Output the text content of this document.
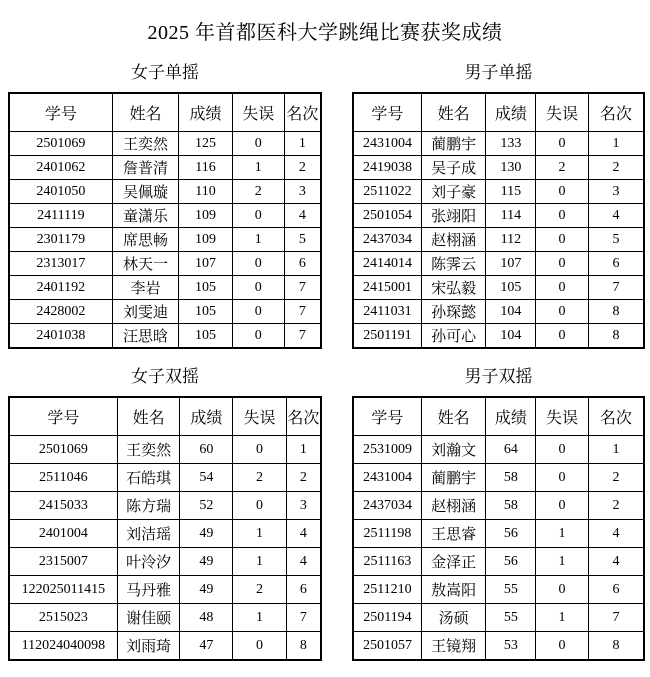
2025 年首都医科大学跳绳比赛获奖成绩
女子单摇
学号	姓名	成绩	失误	名次
2501069	王奕然	125	0	1
2401062	詹普清	116	1	2
2401050	吴佩璇	110	2	3
2411119	童潇乐	109	0	4
2301179	席思畅	109	1	5
2313017	林天一	107	0	6
2401192	李岩	105	0	7
2428002	刘雯迪	105	0	7
2401038	汪思晗	105	0	7
男子单摇
学号	姓名	成绩	失误	名次
2431004	蔺鹏宇	133	0	1
2419038	吴子成	130	2	2
2511022	刘子豪	115	0	3
2501054	张翊阳	114	0	4
2437034	赵栩涵	112	0	5
2414014	陈霁云	107	0	6
2415001	宋弘毅	105	0	7
2411031	孙琛懿	104	0	8
2501191	孙可心	104	0	8
女子双摇
学号	姓名	成绩	失误	名次
2501069	王奕然	60	0	1
2511046	石皓琪	54	2	2
2415033	陈方瑞	52	0	3
2401004	刘洁瑶	49	1	4
2315007	叶泠汐	49	1	4
122025011415	马丹雅	49	2	6
2515023	谢佳颐	48	1	7
112024040098	刘雨琦	47	0	8
男子双摇
学号	姓名	成绩	失误	名次
2531009	刘瀚文	64	0	1
2431004	蔺鹏宇	58	0	2
2437034	赵栩涵	58	0	2
2511198	王思睿	56	1	4
2511163	金泽正	56	1	4
2511210	敖嵩阳	55	0	6
2501194	汤硕	55	1	7
2501057	王镜翔	53	0	8
